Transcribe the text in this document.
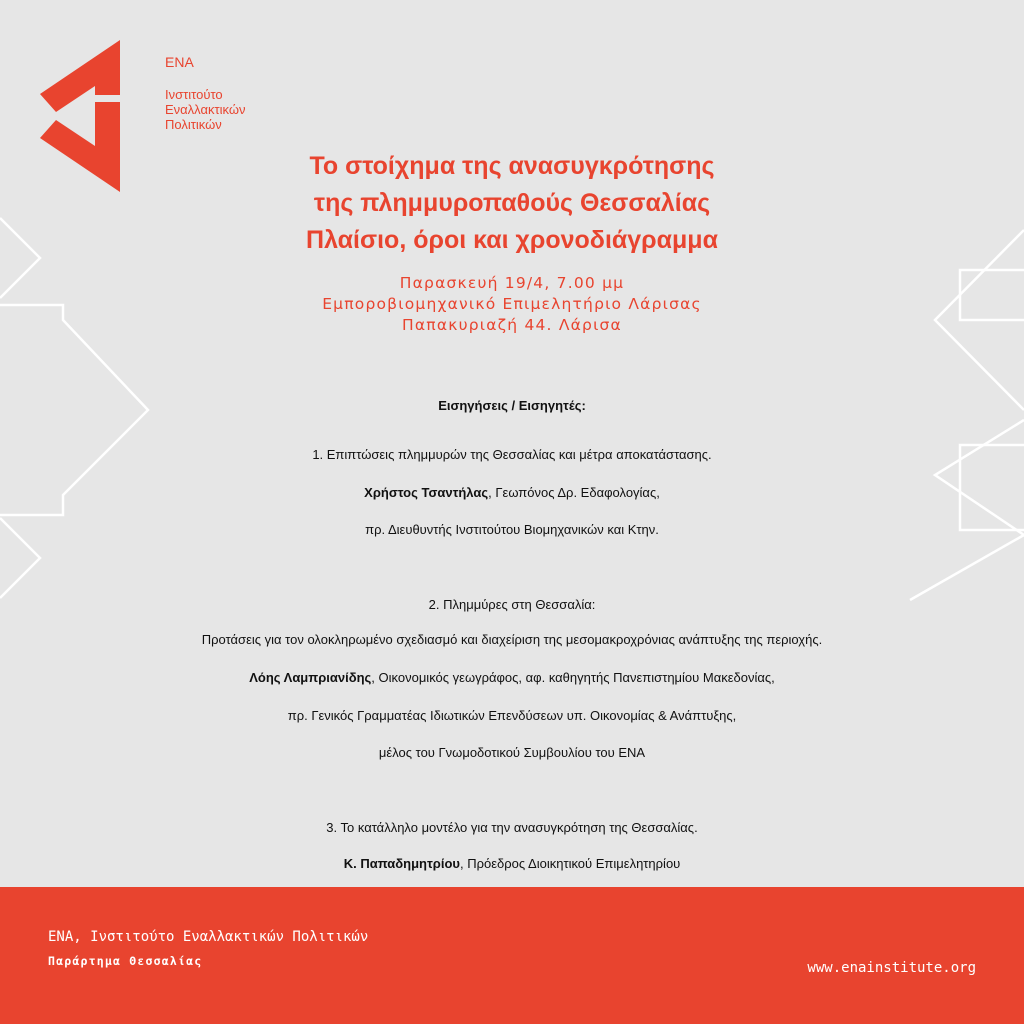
ΕΝΑ
Ινστιτούτο
Εναλλακτικών
Πολιτικών
Το στοίχημα της ανασυγκρότησης
της πλημμυροπαθούς Θεσσαλίας
Πλαίσιο, όροι και χρονοδιάγραμμα
Παρασκευή 19/4, 7.00 μμ
Εμποροβιομηχανικό Επιμελητήριο Λάρισας
Παπακυριαζή 44. Λάρισα
Εισηγήσεις / Εισηγητές:
1. Επιπτώσεις πλημμυρών της Θεσσαλίας και μέτρα αποκατάστασης.
Χρήστος Τσαντήλας, Γεωπόνος Δρ. Εδαφολογίας,
πρ. Διευθυντής Ινστιτούτου Βιομηχανικών και Κτην.
2. Πλημμύρες στη Θεσσαλία:
Προτάσεις για τον ολοκληρωμένο σχεδιασμό και διαχείριση της μεσομακροχρόνιας ανάπτυξης της περιοχής.
Λόης Λαμπριανίδης, Οικονομικός γεωγράφος, αφ. καθηγητής Πανεπιστημίου Μακεδονίας,
πρ. Γενικός Γραμματέας Ιδιωτικών Επενδύσεων υπ. Οικονομίας & Ανάπτυξης,
μέλος του Γνωμοδοτικού Συμβουλίου του ΕΝΑ
3. Το κατάλληλο μοντέλο για την ανασυγκρότηση της Θεσσαλίας.
Κ. Παπαδημητρίου, Πρόεδρος Διοικητικού Επιμελητηρίου
ΕΝΑ, Ινστιτούτο Εναλλακτικών Πολιτικών
Παράρτημα Θεσσαλίας	www.enainstitute.org
